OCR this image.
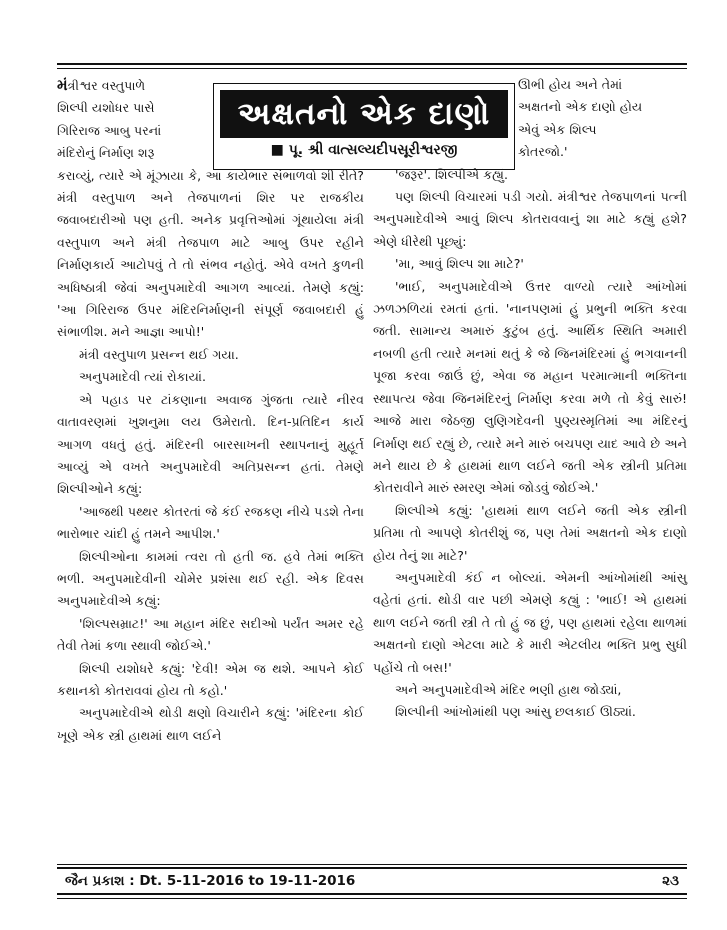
અક્ષતનો એક દાણો
■ પૂ. શ્રી વાત્સલ્યદીપસૂરીશ્વરજી

મંત્રીશ્વર વસ્તુપાળે

શિલ્પી યશોધર પાસે

ગિરિરાજ આબુ પરનાં

મંદિરોનું નિર્માણ શરૂ

કરાવ્યું, ત્યારે એ મૂંઝાયા કે, આ કાર્યભાર સંભાળવો શી રીતે? મંત્રી વસ્તુપાળ અને તેજપાળનાં શિર પર રાજકીય જવાબદારીઓ પણ હતી. અનેક પ્રવૃત્તિઓમાં ગૂંથાયેલા મંત્રી વસ્તુપાળ અને મંત્રી તેજપાળ માટે આબુ ઉપર રહીને નિર્માણકાર્ય આટોપવું તે તો સંભવ નહોતું. એવે વખતે કુળની અધિષ્ઠાત્રી જેવાં અનુપમાદેવી આગળ આવ્યાં. તેમણે કહ્યું: 'આ ગિરિરાજ ઉપર મંદિરનિર્માણની સંપૂર્ણ જવાબદારી હું સંભાળીશ. મને આજ્ઞા આપો!'

મંત્રી વસ્તુપાળ પ્રસન્ન થઈ ગયા.

અનુપમાદેવી ત્યાં રોકાયાં.

એ પહાડ પર ટાંકણાના અવાજ ગુંજતા ત્યારે નીરવ વાતાવરણમાં ખુશનુમા લય ઉમેરાતો. દિન-પ્રતિદિન કાર્ય આગળ વધતું હતું. મંદિરની બારસાખની સ્થાપનાનું મુહૂર્ત આવ્યું એ વખતે અનુપમાદેવી અતિપ્રસન્ન હતાં. તેમણે શિલ્પીઓને કહ્યું:

'આજથી પથ્થર કોતરતાં જે કંઈ રજકણ નીચે પડશે તેના ભારોભાર ચાંદી હું તમને આપીશ.'

શિલ્પીઓના કામમાં ત્વરા તો હતી જ. હવે તેમાં ભક્તિ ભળી. અનુપમાદેવીની ચોમેર પ્રશંસા થઈ રહી. એક દિવસ અનુપમાદેવીએ કહ્યું:

'શિલ્પસમ્રાટ!' આ મહાન મંદિર સદીઓ પર્યંત અમર રહે તેવી તેમાં કળા સ્થાવી જોઈએ.'

શિલ્પી યશોધરે કહ્યું: 'દેવી! એમ જ થશે. આપને કોઈ કથાનકો કોતરાવવાં હોય તો કહો.'

અનુપમાદેવીએ થોડી ક્ષણો વિચારીને કહ્યું: 'મંદિરના કોઈ ખૂણે એક સ્ત્રી હાથમાં થાળ લઈને

ઊભી હોય અને તેમાં

અક્ષતનો એક દાણો હોય

એવું એક શિલ્પ

કોતરજો.'

'જરૂર'. શિલ્પીએ કહ્યું.

પણ શિલ્પી વિચારમાં પડી ગયો. મંત્રીશ્વર તેજપાળનાં પત્ની અનુપમાદેવીએ આવું શિલ્પ કોતરાવવાનું શા માટે કહ્યું હશે? એણે ધીરેથી પૂછ્યું:

'મા, આવું શિલ્પ શા માટે?'

'ભાઈ, અનુપમાદેવીએ ઉત્તર વાળ્યો ત્યારે આંખોમાં ઝળઝળિયાં રમતાં હતાં. 'નાનપણમાં હું પ્રભુની ભક્તિ કરવા જતી. સામાન્ય અમારું કુટુંબ હતું. આર્થિક સ્થિતિ અમારી નબળી હતી ત્યારે મનમાં થતું કે જે જિનમંદિરમાં હું ભગવાનની પૂજા કરવા જાઉં છું, એવા જ મહાન પરમાત્માની ભક્તિના સ્થાપત્ય જેવા જિનમંદિરનું નિર્માણ કરવા મળે તો કેવું સારું! આજે મારા જેઠજી લુણિગદેવની પુણ્યસ્મૃતિમાં આ મંદિરનું નિર્માણ થઈ રહ્યું છે, ત્યારે મને મારું બચપણ યાદ આવે છે અને મને થાય છે કે હાથમાં થાળ લઈને જતી એક સ્ત્રીની પ્રતિમા કોતરાવીને મારું સ્મરણ એમાં જોડવું જોઈએ.'

શિલ્પીએ કહ્યું: 'હાથમાં થાળ લઈને જતી એક સ્ત્રીની પ્રતિમા તો આપણે કોતરીશું જ, પણ તેમાં અક્ષતનો એક દાણો હોય તેનું શા માટે?'

અનુપમાદેવી કંઈ ન બોલ્યાં. એમની આંખોમાંથી આંસુ વહેતાં હતાં. થોડી વાર પછી એમણે કહ્યું : 'ભાઈ! એ હાથમાં થાળ લઈને જતી સ્ત્રી તે તો હું જ છું, પણ હાથમાં રહેલા થાળમાં અક્ષતનો દાણો એટલા માટે કે મારી એટલીય ભક્તિ પ્રભુ સુધી પહોંચે તો બસ!'

અને અનુપમાદેવીએ મંદિર ભણી હાથ જોડ્યાં,

શિલ્પીની આંખોમાંથી પણ આંસુ છલકાઈ ઊઠ્યાં.

જૈન પ્રકાશ : Dt. 5-11-2016 to 19-11-2016	૨૩
